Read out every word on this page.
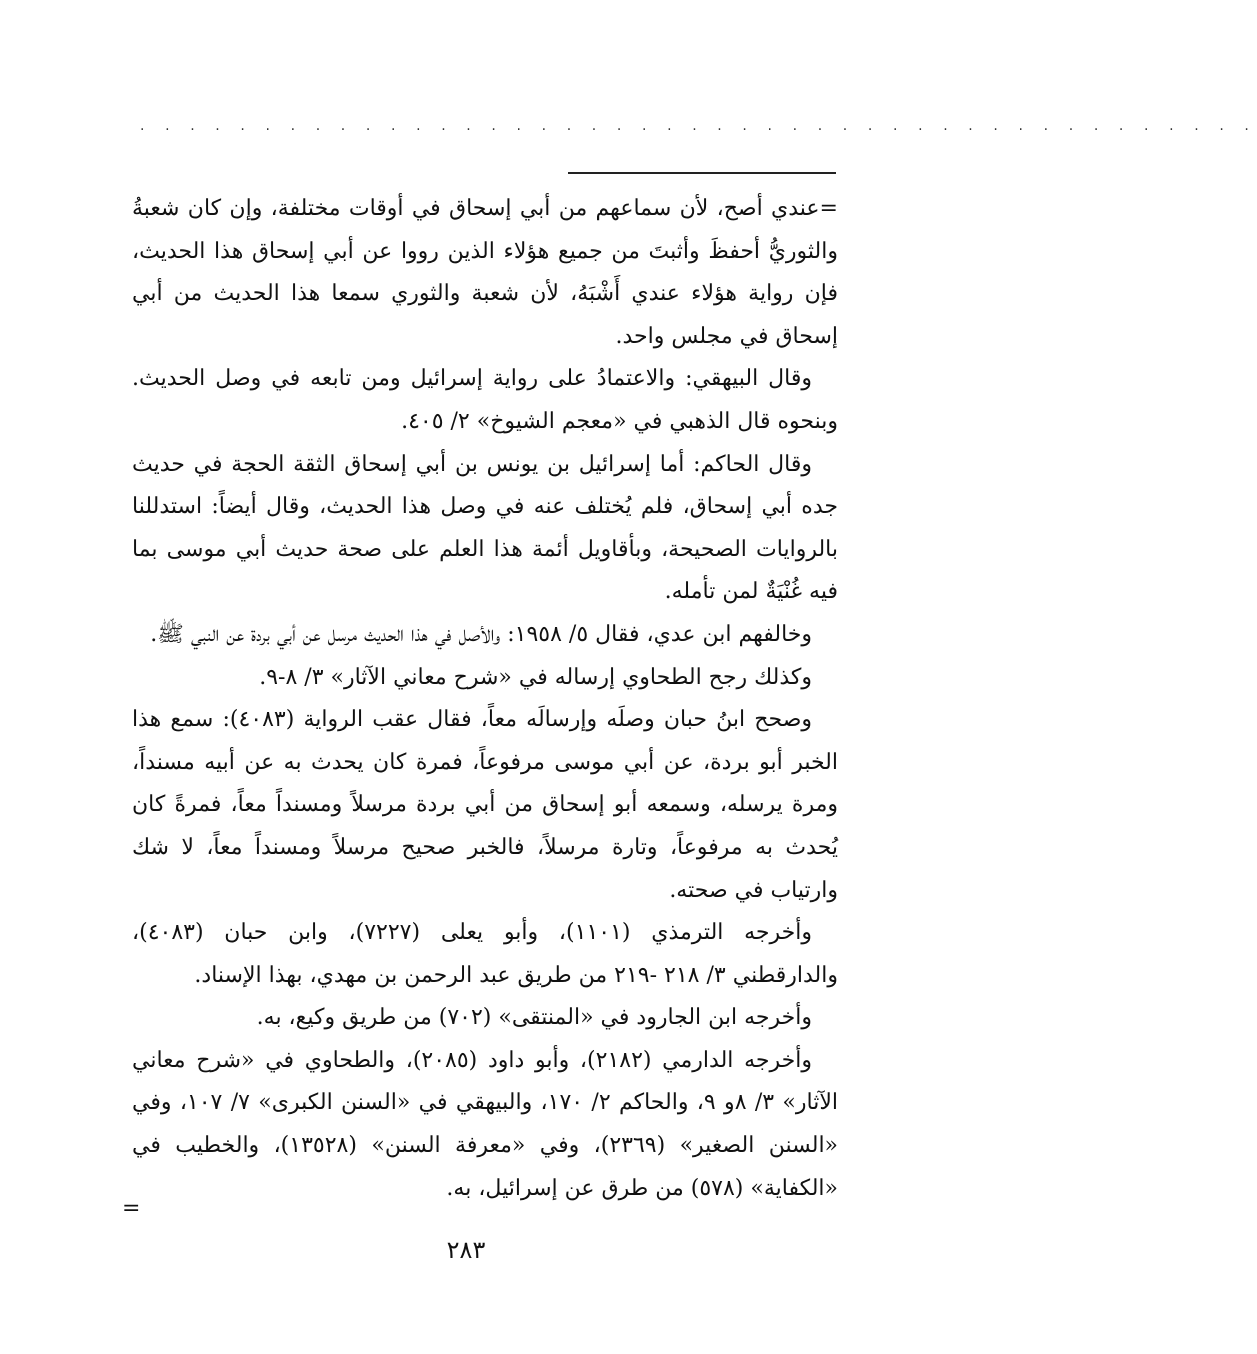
. . . . . . . . . . . . . . . . . . . . . . . . . . . . . . . . . . . . . . . . . . . . .

=عندي أصح، لأن سماعهم من أبي إسحاق في أوقات مختلفة، وإن كان شعبةُ والثوريُّ أحفظَ وأثبتَ من جميع هؤلاء الذين رووا عن أبي إسحاق هذا الحديث، فإن رواية هؤلاء عندي أَشْبَهُ، لأن شعبة والثوري سمعا هذا الحديث من أبي إسحاق في مجلس واحد.

وقال البيهقي: والاعتمادُ على رواية إسرائيل ومن تابعه في وصل الحديث. وبنحوه قال الذهبي في «معجم الشيوخ» ٢/ ٤٠٥.

وقال الحاكم: أما إسرائيل بن يونس بن أبي إسحاق الثقة الحجة في حديث جده أبي إسحاق، فلم يُختلف عنه في وصل هذا الحديث، وقال أيضاً: استدللنا بالروايات الصحيحة، وبأقاويل أئمة هذا العلم على صحة حديث أبي موسى بما فيه غُنْيَةٌ لمن تأمله.

وخالفهم ابن عدي، فقال ٥/ ١٩٥٨: والأصل في هذا الحديث مرسل عن أبي بردة عن النبي ﷺ.

وكذلك رجح الطحاوي إرساله في «شرح معاني الآثار» ٣/ ٨-٩.

وصحح ابنُ حبان وصلَه وإرسالَه معاً، فقال عقب الرواية (٤٠٨٣): سمع هذا الخبر أبو بردة، عن أبي موسى مرفوعاً، فمرة كان يحدث به عن أبيه مسنداً، ومرة يرسله، وسمعه أبو إسحاق من أبي بردة مرسلاً ومسنداً معاً، فمرةً كان يُحدث به مرفوعاً، وتارة مرسلاً، فالخبر صحيح مرسلاً ومسنداً معاً، لا شك وارتياب في صحته.

وأخرجه الترمذي (١١٠١)، وأبو يعلى (٧٢٢٧)، وابن حبان (٤٠٨٣)، والدارقطني ٣/ ٢١٨ -٢١٩ من طريق عبد الرحمن بن مهدي، بهذا الإسناد.

وأخرجه ابن الجارود في «المنتقى» (٧٠٢) من طريق وكيع، به.

وأخرجه الدارمي (٢١٨٢)، وأبو داود (٢٠٨٥)، والطحاوي في «شرح معاني الآثار» ٣/ ٨و ٩، والحاكم ٢/ ١٧٠، والبيهقي في «السنن الكبرى» ٧/ ١٠٧، وفي «السنن الصغير» (٢٣٦٩)، وفي «معرفة السنن» (١٣٥٢٨)، والخطيب في «الكفاية» (٥٧٨) من طرق عن إسرائيل، به.

=
٢٨٣
